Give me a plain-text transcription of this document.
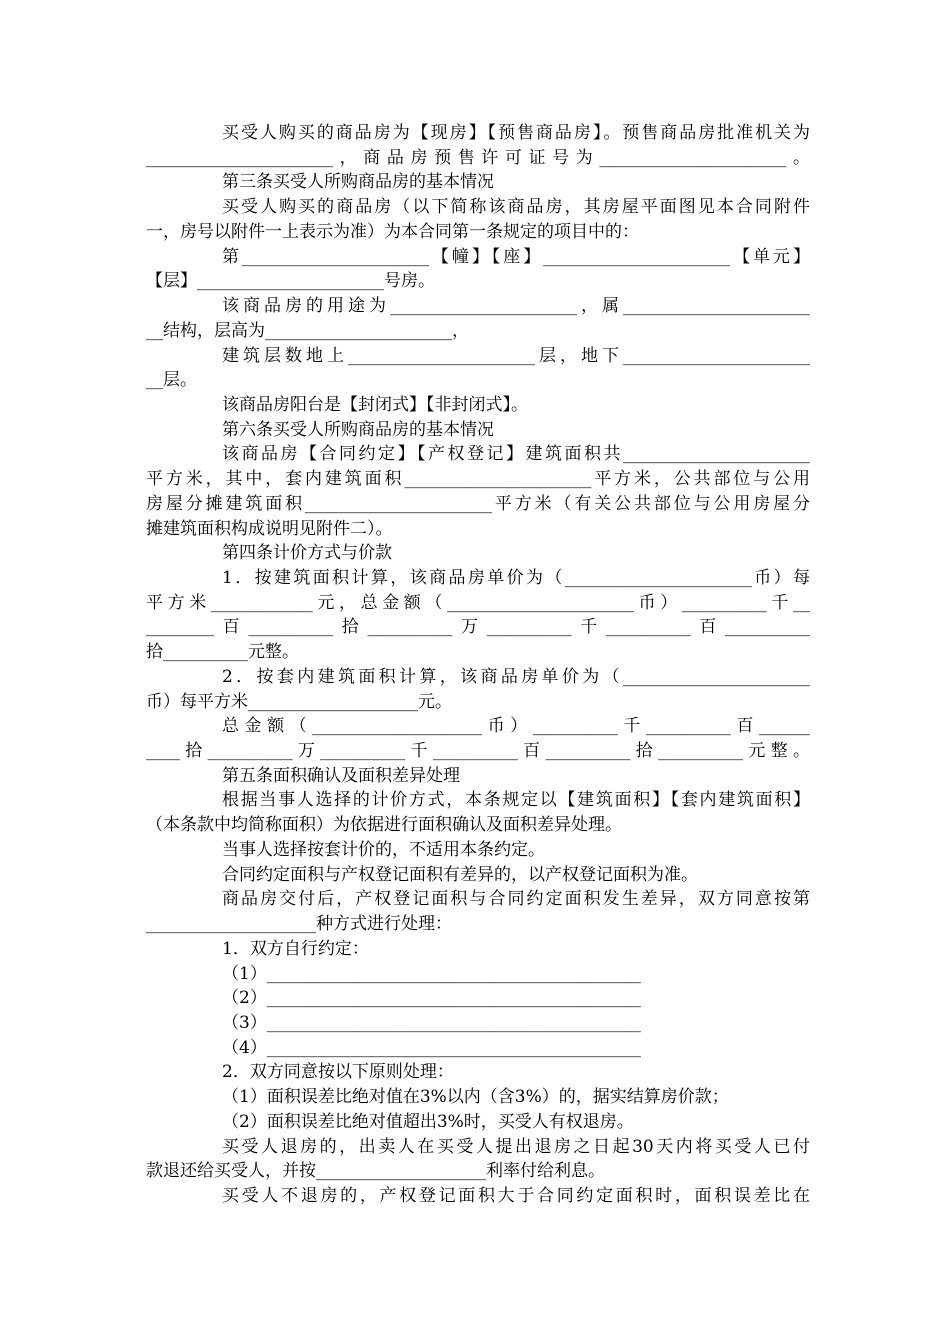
买受人购买的商品房为【现房】【预售商品房】。预售商品房批准机关为
______________________，商品房预售许可证号为______________________。
第三条买受人所购商品房的基本情况
买受人购买的商品房（以下简称该商品房，其房屋平面图见本合同附件
一，房号以附件一上表示为准）为本合同第一条规定的项目中的：
第______________________【幢】【座】______________________【单元】
【层】______________________号房。
该商品房的用途为______________________，属______________________
__结构，层高为______________________，
建筑层数地上______________________层，地下______________________
__层。
该商品房阳台是【封闭式】【非封闭式】。
第六条买受人所购商品房的基本情况
该商品房【合同约定】【产权登记】建筑面积共______________________
平方米，其中，套内建筑面积______________________平方米，公共部位与公用
房屋分摊建筑面积______________________平方米（有关公共部位与公用房屋分
摊建筑面积构成说明见附件二）。
第四条计价方式与价款
1．按建筑面积计算，该商品房单价为（______________________币）每
平方米____________元，总金额（______________________币）__________千__
________百__________拾__________万__________千__________百__________
拾__________元整。
2．按套内建筑面积计算，该商品房单价为（______________________
币）每平方米____________________元。
总金额（____________________币）__________千__________百______
____拾__________万__________千__________百__________拾__________元整。
第五条面积确认及面积差异处理
根据当事人选择的计价方式，本条规定以【建筑面积】【套内建筑面积】
（本条款中均简称面积）为依据进行面积确认及面积差异处理。
当事人选择按套计价的，不适用本条约定。
合同约定面积与产权登记面积有差异的，以产权登记面积为准。
商品房交付后，产权登记面积与合同约定面积发生差异，双方同意按第
____________________种方式进行处理：
1．双方自行约定：
（1）____________________________________________
（2）____________________________________________
（3）____________________________________________
（4）____________________________________________
2．双方同意按以下原则处理：
（1）面积误差比绝对值在3%以内（含3%）的，据实结算房价款；
（2）面积误差比绝对值超出3%时，买受人有权退房。
买受人退房的，出卖人在买受人提出退房之日起30天内将买受人已付
款退还给买受人，并按____________________利率付给利息。
买受人不退房的，产权登记面积大于合同约定面积时，面积误差比在
